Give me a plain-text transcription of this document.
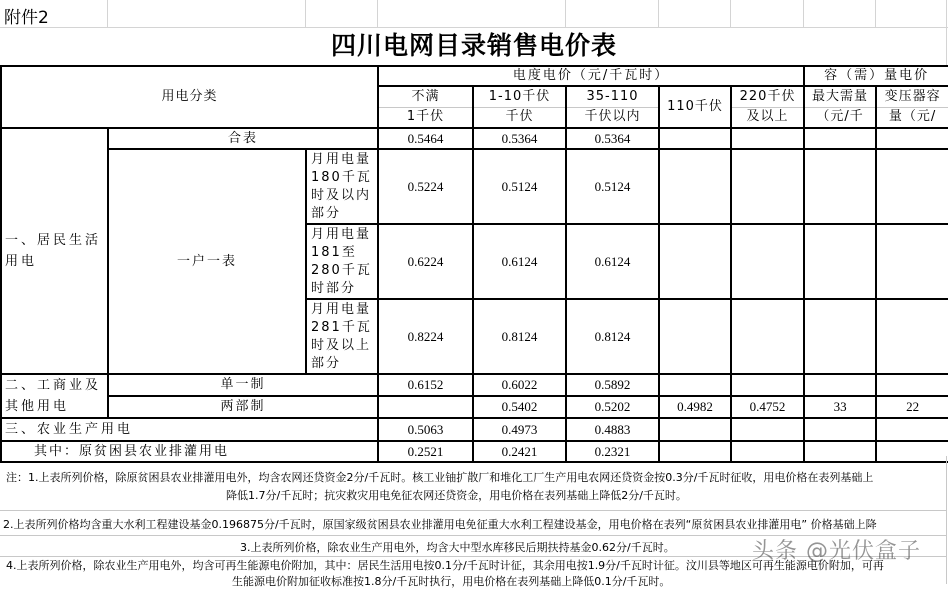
附件2
四川电网目录销售电价表
用电分类			电度电价（元/千瓦时）					容（需）量电价	
			不满	1-10千伏	35-110	110千伏	220千伏	最大需量	变压器容
			1千伏	千伏	千伏以内		及以上	（元/千	量（元/
一、居民生活用电	合表		0.5464	0.5364	0.5364				
	一户一表	月用电量180千瓦时及以内部分	0.5224	0.5124	0.5124				
		月用电量181至280千瓦时部分	0.6224	0.6124	0.6124				
		月用电量281千瓦时及以上部分	0.8224	0.8124	0.8124				
二、工商业及其他用电	单一制		0.6152	0.6022	0.5892				
	两部制			0.5402	0.5202	0.4982	0.4752	33	22
三、农业生产用电			0.5063	0.4973	0.4883				
其中：原贫困县农业排灌用电			0.2521	0.2421	0.2321				
注：1.上表所列价格，除原贫困县农业排灌用电外，均含农网还贷资金2分/千瓦时。核工业铀扩散厂和堆化工厂生产用电农网还贷资金按0.3分/千瓦时征收，用电价格在表列基础上
降低1.7分/千瓦时；抗灾救灾用电免征农网还贷资金，用电价格在表列基础上降低2分/千瓦时。
2.上表所列价格均含重大水利工程建设基金0.196875分/千瓦时，原国家级贫困县农业排灌用电免征重大水利工程建设基金，用电价格在表列“原贫困县农业排灌用电” 价格基础上降
3.上表所列价格，除农业生产用电外，均含大中型水库移民后期扶持基金0.62分/千瓦时。
4.上表所列价格，除农业生产用电外，均含可再生能源电价附加，其中：居民生活用电按0.1分/千瓦时计征，其余用电按1.9分/千瓦时计征。汶川县等地区可再生能源电价附加，可再
生能源电价附加征收标准按1.8分/千瓦时执行，用电价格在表列基础上降低0.1分/千瓦时。
头条 @光伏盒子
